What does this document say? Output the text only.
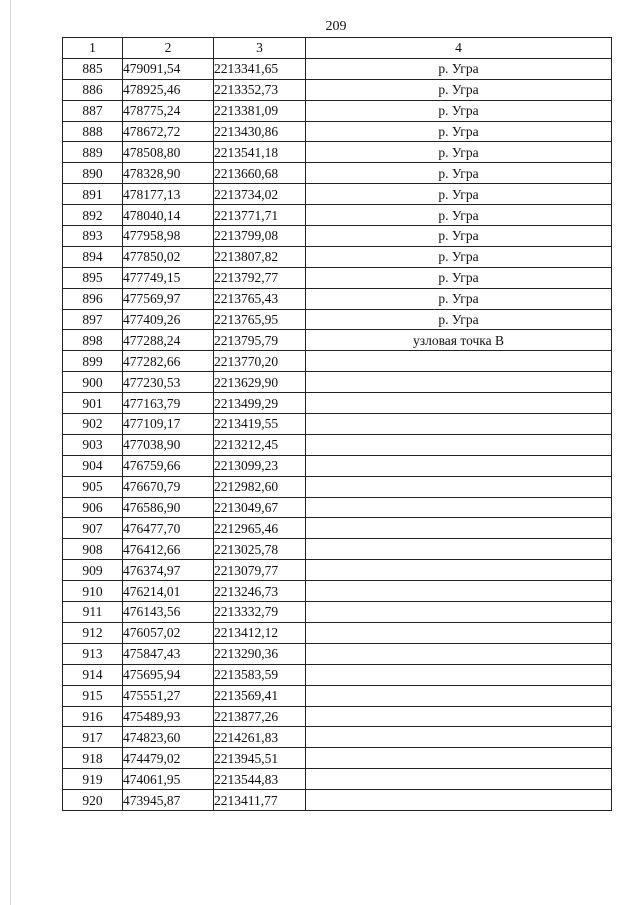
209
1	2	3	4
885	479091,54	2213341,65	р. Угра
886	478925,46	2213352,73	р. Угра
887	478775,24	2213381,09	р. Угра
888	478672,72	2213430,86	р. Угра
889	478508,80	2213541,18	р. Угра
890	478328,90	2213660,68	р. Угра
891	478177,13	2213734,02	р. Угра
892	478040,14	2213771,71	р. Угра
893	477958,98	2213799,08	р. Угра
894	477850,02	2213807,82	р. Угра
895	477749,15	2213792,77	р. Угра
896	477569,97	2213765,43	р. Угра
897	477409,26	2213765,95	р. Угра
898	477288,24	2213795,79	узловая точка В
899	477282,66	2213770,20	
900	477230,53	2213629,90	
901	477163,79	2213499,29	
902	477109,17	2213419,55	
903	477038,90	2213212,45	
904	476759,66	2213099,23	
905	476670,79	2212982,60	
906	476586,90	2213049,67	
907	476477,70	2212965,46	
908	476412,66	2213025,78	
909	476374,97	2213079,77	
910	476214,01	2213246,73	
911	476143,56	2213332,79	
912	476057,02	2213412,12	
913	475847,43	2213290,36	
914	475695,94	2213583,59	
915	475551,27	2213569,41	
916	475489,93	2213877,26	
917	474823,60	2214261,83	
918	474479,02	2213945,51	
919	474061,95	2213544,83	
920	473945,87	2213411,77	
